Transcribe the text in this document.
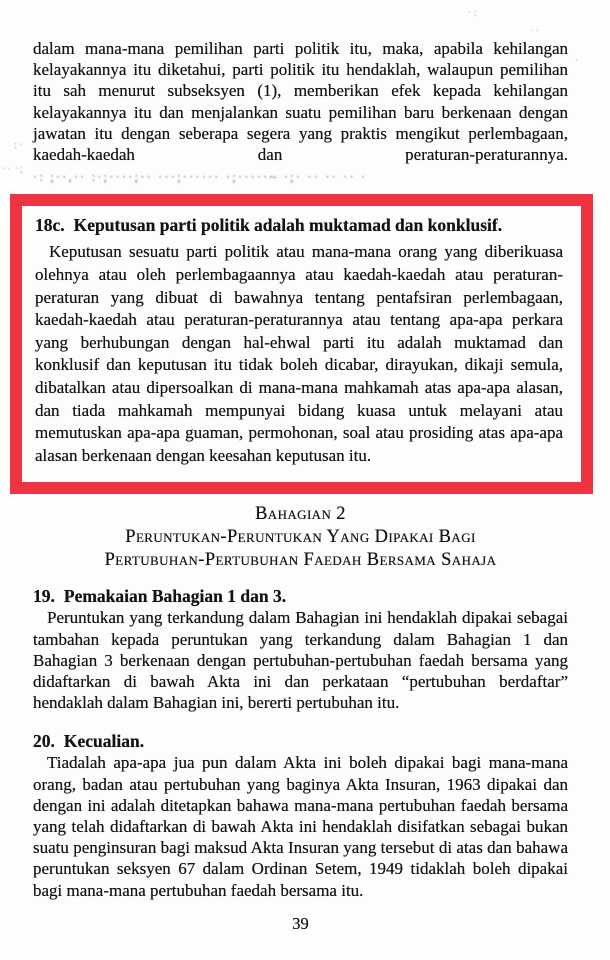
· :
· ·
·
: ·
·· ·;

dalam mana-mana pemilihan parti politik itu, maka, apabila kehilangan kelayakannya itu diketahui, parti politik itu hendaklah, walaupun pemilihan itu sah menurut subseksyen (1), memberikan efek kepada kehilangan kelayakannya itu dan menjalankan suatu pemilihan baru berkenaan dengan jawatan itu dengan seberapa segera yang praktis mengikut perlembagaan, kaedah-kaedah dan peraturan-peraturannya. ·: ;··,·· :·;····;·· ···;······ ·;·····~ ·;· ·· ·· ·· ·

18c. Keputusan parti politik adalah muktamad dan konklusif.

Keputusan sesuatu parti politik atau mana-mana orang yang diberikuasa olehnya atau oleh perlembagaannya atau kaedah-kaedah atau peraturan-peraturan yang dibuat di bawahnya tentang pentafsiran perlembagaan, kaedah-kaedah atau peraturan-peraturannya atau tentang apa-apa perkara yang berhubungan dengan hal-ehwal parti itu adalah muktamad dan konklusif dan keputusan itu tidak boleh dicabar, dirayukan, dikaji semula, dibatalkan atau dipersoalkan di mana-mana mahkamah atas apa-apa alasan, dan tiada mahkamah mempunyai bidang kuasa untuk melayani atau memutuskan apa-apa guaman, permohonan, soal atau prosiding atas apa-apa alasan berkenaan dengan keesahan keputusan itu.

Bahagian 2
Peruntukan-Peruntukan Yang Dipakai Bagi
Pertubuhan-Pertubuhan Faedah Bersama Sahaja
19. Pemakaian Bahagian 1 dan 3.

Peruntukan yang terkandung dalam Bahagian ini hendaklah dipakai sebagai tambahan kepada peruntukan yang terkandung dalam Bahagian 1 dan Bahagian 3 berkenaan dengan pertubuhan-pertubuhan faedah bersama yang didaftarkan di bawah Akta ini dan perkataan “pertubuhan berdaftar” hendaklah dalam Bahagian ini, bererti pertubuhan itu.

20. Kecualian.

Tiadalah apa-apa jua pun dalam Akta ini boleh dipakai bagi mana-mana orang, badan atau pertubuhan yang baginya Akta Insuran, 1963 dipakai dan dengan ini adalah ditetapkan bahawa mana-mana pertubuhan faedah bersama yang telah didaftarkan di bawah Akta ini hendaklah disifatkan sebagai bukan suatu penginsuran bagi maksud Akta Insuran yang tersebut di atas dan bahawa peruntukan seksyen 67 dalam Ordinan Setem, 1949 tidaklah boleh dipakai bagi mana-mana pertubuhan faedah bersama itu.

39
